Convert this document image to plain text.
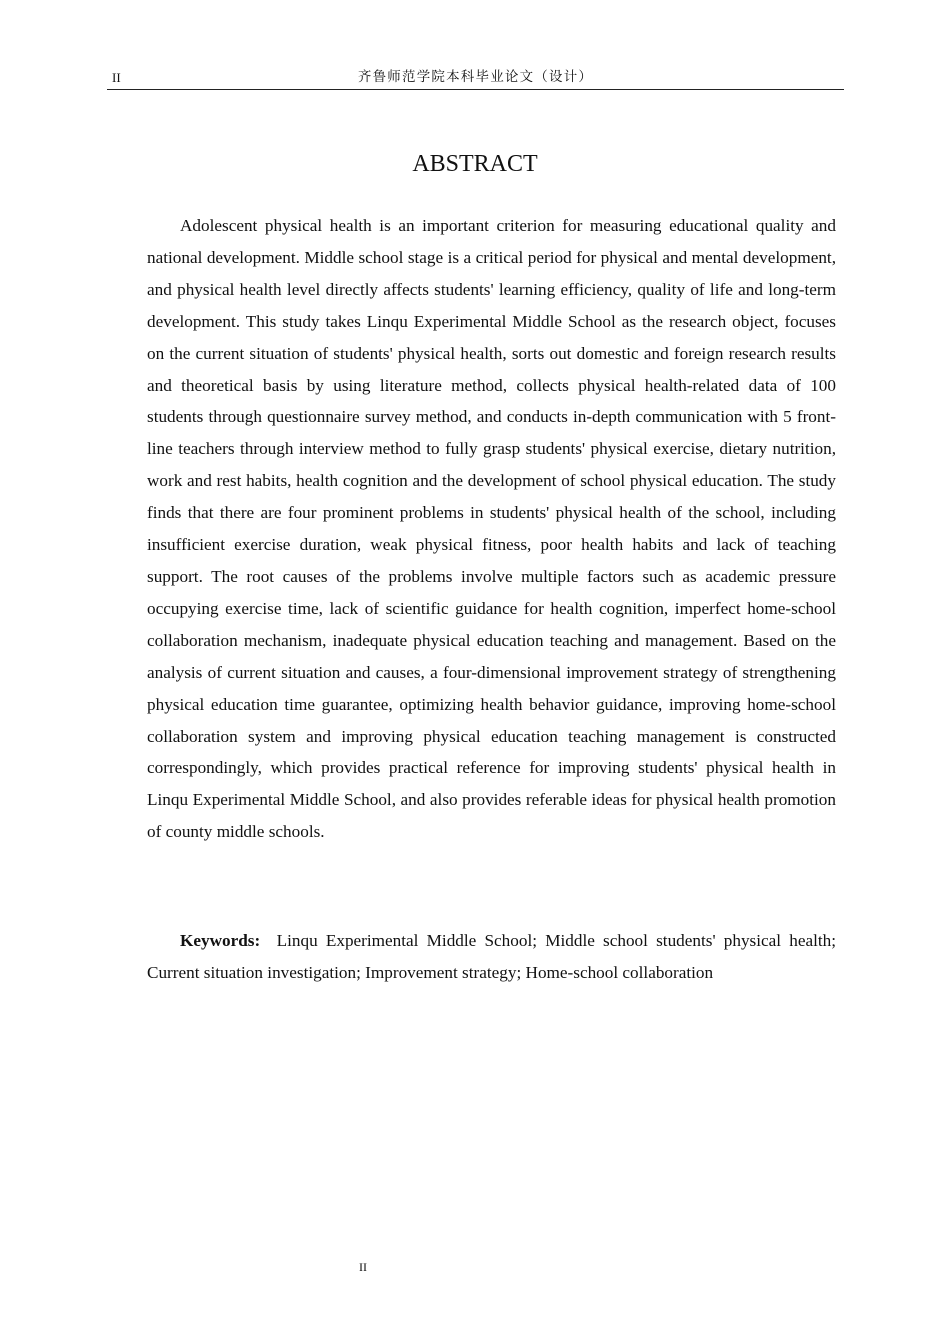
II	齐鲁师范学院本科毕业论文（设计）
ABSTRACT

Adolescent physical health is an important criterion for measuring educational quality and national development. Middle school stage is a critical period for physical and mental development, and physical health level directly affects students' learning efficiency, quality of life and long-term development. This study takes Linqu Experimental Middle School as the research object, focuses on the current situation of students' physical health, sorts out domestic and foreign research results and theoretical basis by using literature method, collects physical health-related data of 100 students through questionnaire survey method, and conducts in-depth communication with 5 front-line teachers through interview method to fully grasp students' physical exercise, dietary nutrition, work and rest habits, health cognition and the development of school physical education. The study finds that there are four prominent problems in students' physical health of the school, including insufficient exercise duration, weak physical fitness, poor health habits and lack of teaching support. The root causes of the problems involve multiple factors such as academic pressure occupying exercise time, lack of scientific guidance for health cognition, imperfect home-school collaboration mechanism, inadequate physical education teaching and management. Based on the analysis of current situation and causes, a four-dimensional improvement strategy of strengthening physical education time guarantee, optimizing health behavior guidance, improving home-school collaboration system and improving physical education teaching management is constructed correspondingly, which provides practical reference for improving students' physical health in Linqu Experimental Middle School, and also provides referable ideas for physical health promotion of county middle schools.

Keywords: Linqu Experimental Middle School; Middle school students' physical health; Current situation investigation; Improvement strategy; Home-school collaboration

II
